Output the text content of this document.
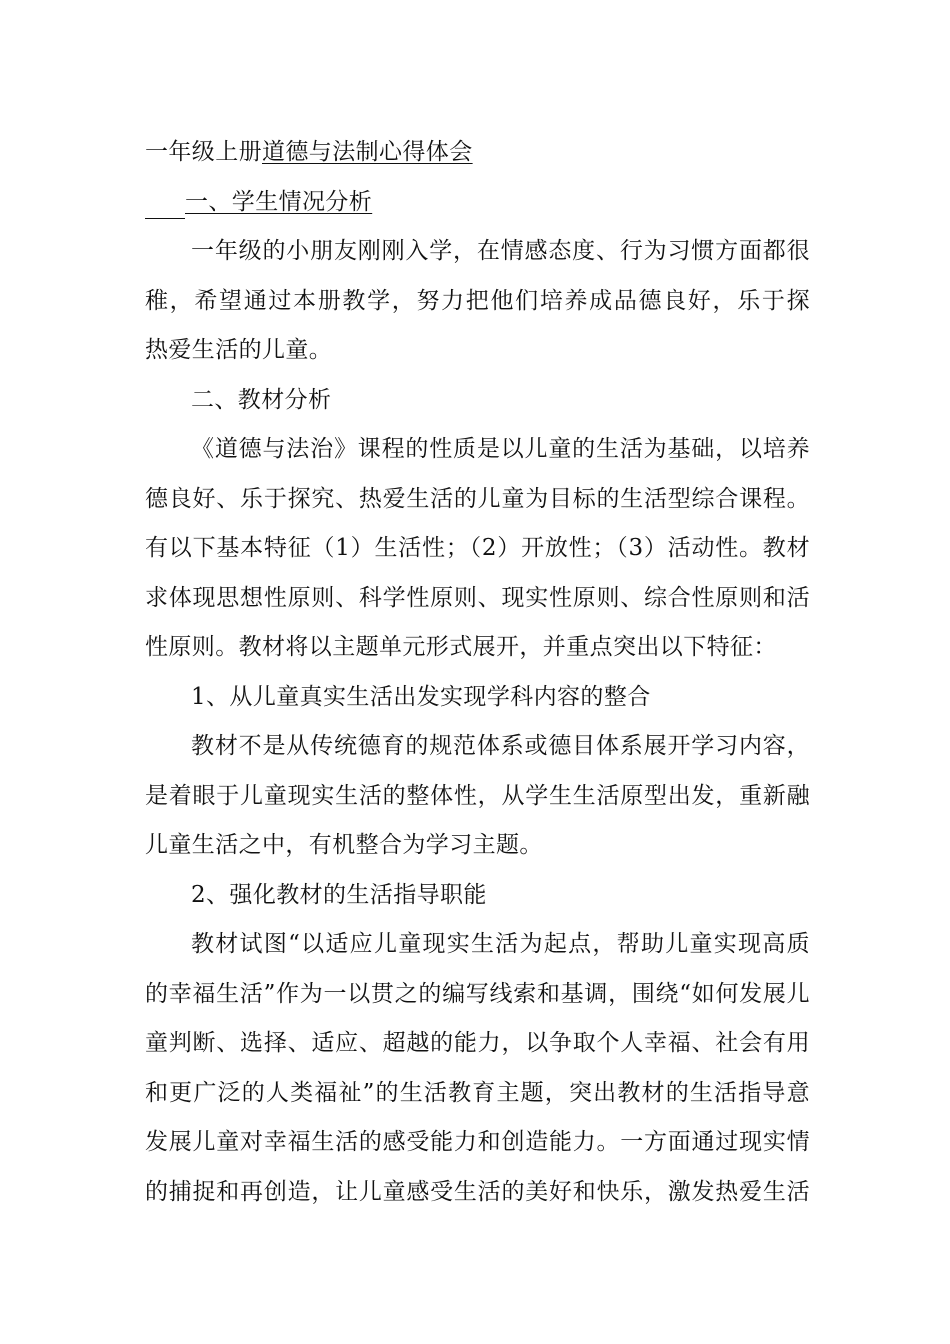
一年级上册道德与法制心得体会
一、学生情况分析
一年级的小朋友刚刚入学，在情感态度、行为习惯方面都很
稚，希望通过本册教学，努力把他们培养成品德良好，乐于探
热爱生活的儿童。
二、教材分析
《道德与法治》课程的性质是以儿童的生活为基础，以培养
德良好、乐于探究、热爱生活的儿童为目标的生活型综合课程。
有以下基本特征（1）生活性；（2）开放性；（3）活动性。教材
求体现思想性原则、科学性原则、现实性原则、综合性原则和活
性原则。教材将以主题单元形式展开，并重点突出以下特征：
1、从儿童真实生活出发实现学科内容的整合
教材不是从传统德育的规范体系或德目体系展开学习内容，
是着眼于儿童现实生活的整体性，从学生生活原型出发，重新融
儿童生活之中，有机整合为学习主题。
2、强化教材的生活指导职能
教材试图“以适应儿童现实生活为起点，帮助儿童实现高质
的幸福生活”作为一以贯之的编写线索和基调，围绕“如何发展儿
童判断、选择、适应、超越的能力，以争取个人幸福、社会有用
和更广泛的人类福祉”的生活教育主题，突出教材的生活指导意
发展儿童对幸福生活的感受能力和创造能力。一方面通过现实情
的捕捉和再创造，让儿童感受生活的美好和快乐，激发热爱生活
